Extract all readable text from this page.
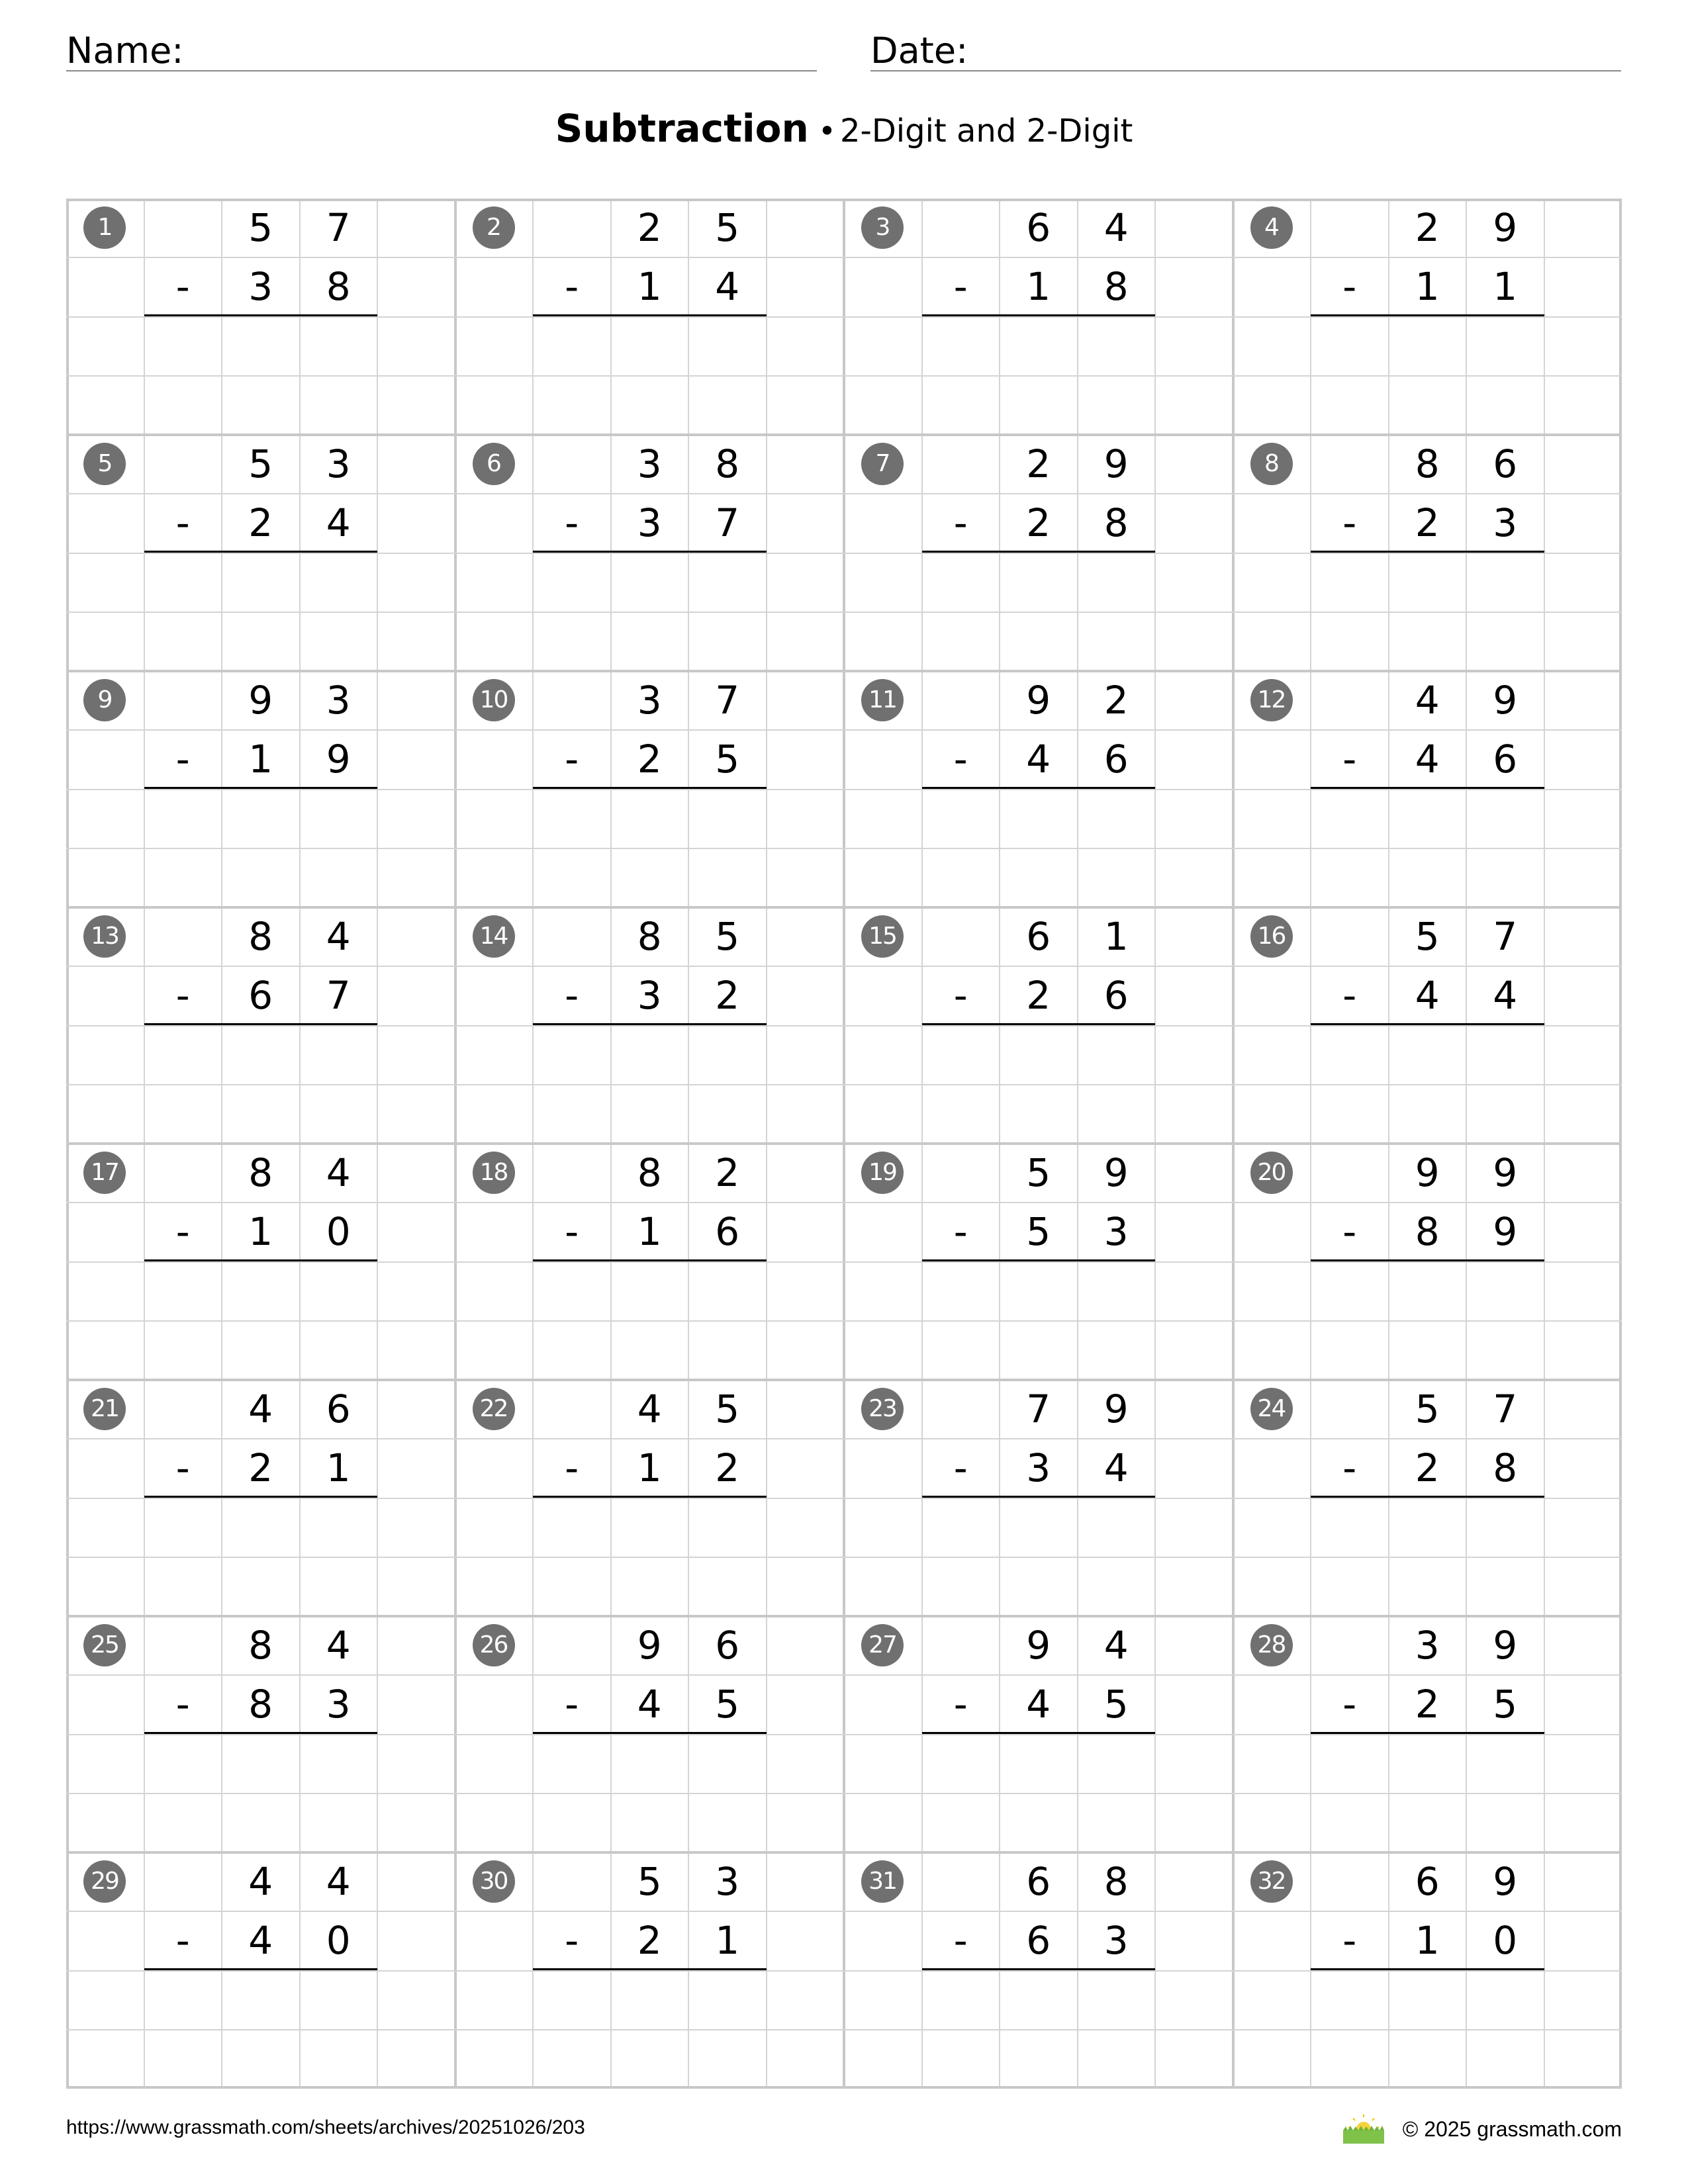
Name:	Date:
Subtraction • 2-Digit and 2-Digit
1	5	7
-	3	8
2	2	5
-	1	4
3	6	4
-	1	8
4	2	9
-	1	1
5	5	3
-	2	4
6	3	8
-	3	7
7	2	9
-	2	8
8	8	6
-	2	3
9	9	3
-	1	9
10	3	7
-	2	5
11	9	2
-	4	6
12	4	9
-	4	6
13	8	4
-	6	7
14	8	5
-	3	2
15	6	1
-	2	6
16	5	7
-	4	4
17	8	4
-	1	0
18	8	2
-	1	6
19	5	9
-	5	3
20	9	9
-	8	9
21	4	6
-	2	1
22	4	5
-	1	2
23	7	9
-	3	4
24	5	7
-	2	8
25	8	4
-	8	3
26	9	6
-	4	5
27	9	4
-	4	5
28	3	9
-	2	5
29	4	4
-	4	0
30	5	3
-	2	1
31	6	8
-	6	3
32	6	9
-	1	0
https://www.grassmath.com/sheets/archives/20251026/203	© 2025 grassmath.com
